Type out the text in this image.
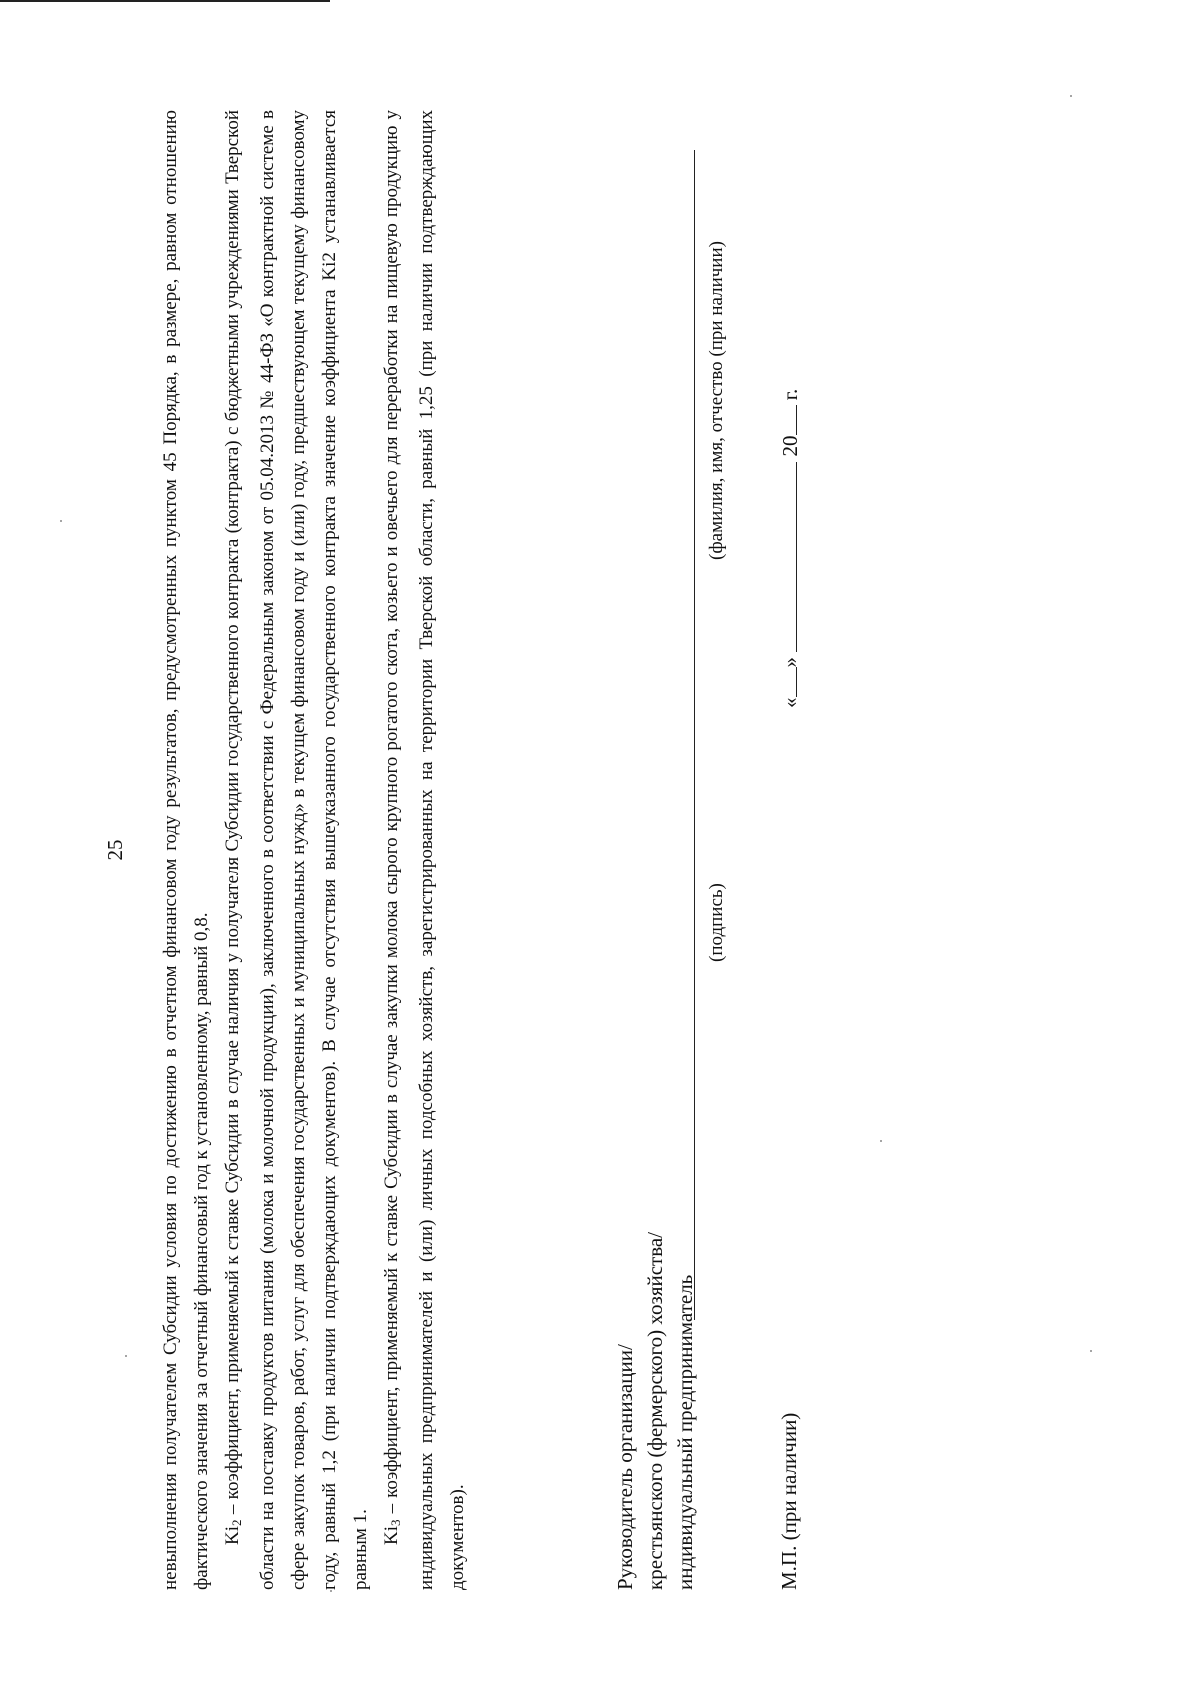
25 невыполнения получателем Субсидии условия по достижению в отчетном финансовом году результатов, предусмотренных пунктом 45 Порядка, в размере, равном отношению фактического значения за отчетный финансовый год к установленному, равный 0,8. $Ki_2$ – коэффициент, применяемый к ставке Субсидии в случае наличия у получателя Субсидии государственного контракта (контракта) с бюджетными учреждениями Тверской области на поставку продуктов питания (молока и молочной продукции), заключенного в соответствии с Федеральным законом от 05.04.2013 № 44-ФЗ «О контрактной системе в сфере закупок товаров, работ, услуг для обеспечения государственных и муниципальных нужд» в текущем финансовом году и (или) году, предшествующем текущему финансовому году, равный 1,2 (при наличии подтверждающих документов). В случае отсутствия вышеуказанного государственного контракта значение коэффициента Ki2 устанавливается равным 1. $Ki_3$ – коэффициент, применяемый к ставке Субсидии в случае закупки молока сырого крупного рогатого скота, козьего и овечьего для переработки на пищевую продукцию у индивидуальных предпринимателей и (или) личных подсобных хозяйств, зарегистрированных на территории Тверской области, равный 1,25 (при наличии подтверждающих документов).	Руководитель организации/ крестьянского (фермерского) хозяйства/ индивидуальный предприниматель
(подпись)
(фамилия, имя, отчество (при наличии)
М.П. (при наличии)
«»  20 г.
